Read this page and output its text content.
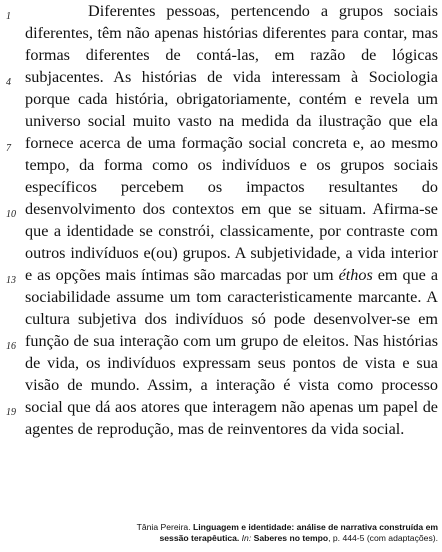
Diferentes pessoas, pertencendo a grupos sociais
diferentes, têm não apenas histórias diferentes para contar, mas
formas diferentes de contá-las, em razão de lógicas
subjacentes. As histórias de vida interessam à Sociologia
porque cada história, obrigatoriamente, contém e revela um
universo social muito vasto na medida da ilustração que ela
fornece acerca de uma formação social concreta e, ao mesmo
tempo, da forma como os indivíduos e os grupos sociais
específicos percebem os impactos resultantes do
desenvolvimento dos contextos em que se situam. Afirma-se
que a identidade se constrói, classicamente, por contraste com
outros indivíduos e(ou) grupos. A subjetividade, a vida interior
e as opções mais íntimas são marcadas por um éthos em que a
sociabilidade assume um tom caracteristicamente marcante. A
cultura subjetiva dos indivíduos só pode desenvolver-se em
função de sua interação com um grupo de eleitos. Nas histórias
de vida, os indivíduos expressam seus pontos de vista e sua
visão de mundo. Assim, a interação é vista como processo
social que dá aos atores que interagem não apenas um papel de
agentes de reprodução, mas de reinventores da vida social.
1
4
7
10
13
16
19
Tânia Pereira. Linguagem e identidade: análise de narrativa construída em sessão terapêutica. In: Saberes no tempo, p. 444-5 (com adaptações).
